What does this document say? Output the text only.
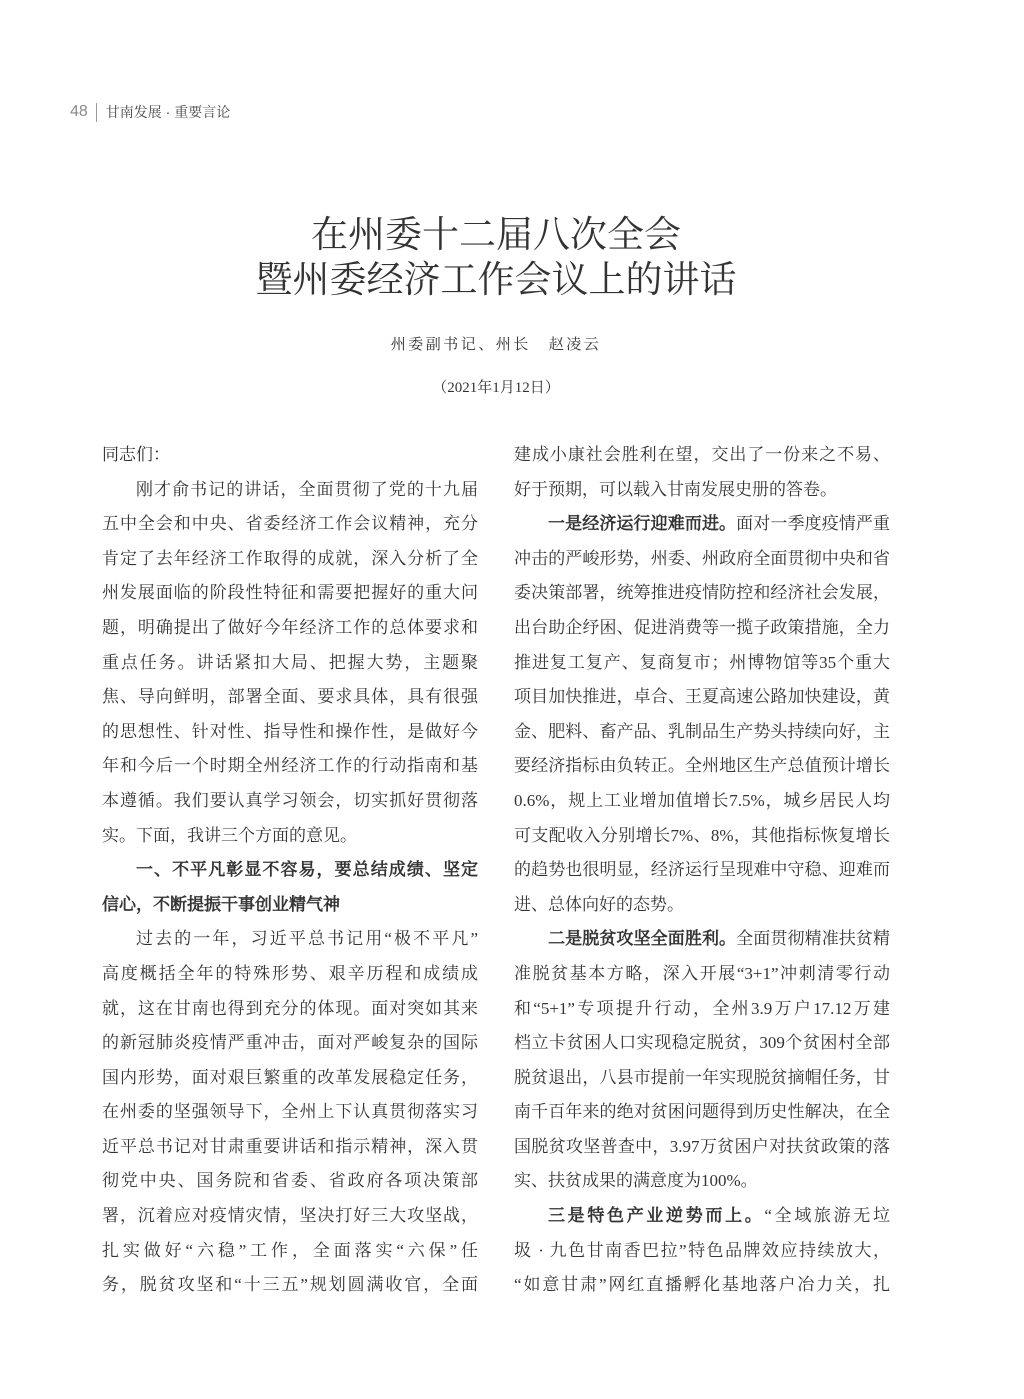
48 甘南发展 · 重要言论
在州委十二届八次全会
暨州委经济工作会议上的讲话
州委副书记、州长 赵凌云
（2021年1月12日）
同志们：
刚才俞书记的讲话，全面贯彻了党的十九届
五中全会和中央、省委经济工作会议精神，充分
肯定了去年经济工作取得的成就，深入分析了全
州发展面临的阶段性特征和需要把握好的重大问
题，明确提出了做好今年经济工作的总体要求和
重点任务。讲话紧扣大局、把握大势，主题聚
焦、导向鲜明，部署全面、要求具体，具有很强
的思想性、针对性、指导性和操作性，是做好今
年和今后一个时期全州经济工作的行动指南和基
本遵循。我们要认真学习领会，切实抓好贯彻落
实。下面，我讲三个方面的意见。
一、不平凡彰显不容易，要总结成绩、坚定
信心，不断提振干事创业精气神
过去的一年，习近平总书记用“极不平凡”
高度概括全年的特殊形势、艰辛历程和成绩成
就，这在甘南也得到充分的体现。面对突如其来
的新冠肺炎疫情严重冲击，面对严峻复杂的国际
国内形势，面对艰巨繁重的改革发展稳定任务，
在州委的坚强领导下，全州上下认真贯彻落实习
近平总书记对甘肃重要讲话和指示精神，深入贯
彻党中央、国务院和省委、省政府各项决策部
署，沉着应对疫情灾情，坚决打好三大攻坚战，
扎实做好“六稳”工作，全面落实“六保”任
务，脱贫攻坚和“十三五”规划圆满收官，全面
建成小康社会胜利在望，交出了一份来之不易、
好于预期，可以载入甘南发展史册的答卷。
一是经济运行迎难而进。面对一季度疫情严重
冲击的严峻形势，州委、州政府全面贯彻中央和省
委决策部署，统筹推进疫情防控和经济社会发展，
出台助企纾困、促进消费等一揽子政策措施，全力
推进复工复产、复商复市；州博物馆等35个重大
项目加快推进，卓合、王夏高速公路加快建设，黄
金、肥料、畜产品、乳制品生产势头持续向好，主
要经济指标由负转正。全州地区生产总值预计增长
0.6%，规上工业增加值增长7.5%，城乡居民人均
可支配收入分别增长7%、8%，其他指标恢复增长
的趋势也很明显，经济运行呈现难中守稳、迎难而
进、总体向好的态势。
二是脱贫攻坚全面胜利。全面贯彻精准扶贫精
准脱贫基本方略，深入开展“3+1”冲刺清零行动
和“5+1”专项提升行动，全州3.9万户17.12万建
档立卡贫困人口实现稳定脱贫，309个贫困村全部
脱贫退出，八县市提前一年实现脱贫摘帽任务，甘
南千百年来的绝对贫困问题得到历史性解决，在全
国脱贫攻坚普查中，3.97万贫困户对扶贫政策的落
实、扶贫成果的满意度为100%。
三是特色产业逆势而上。“全域旅游无垃
圾 · 九色甘南香巴拉”特色品牌效应持续放大，
“如意甘肃”网红直播孵化基地落户冶力关，扎
